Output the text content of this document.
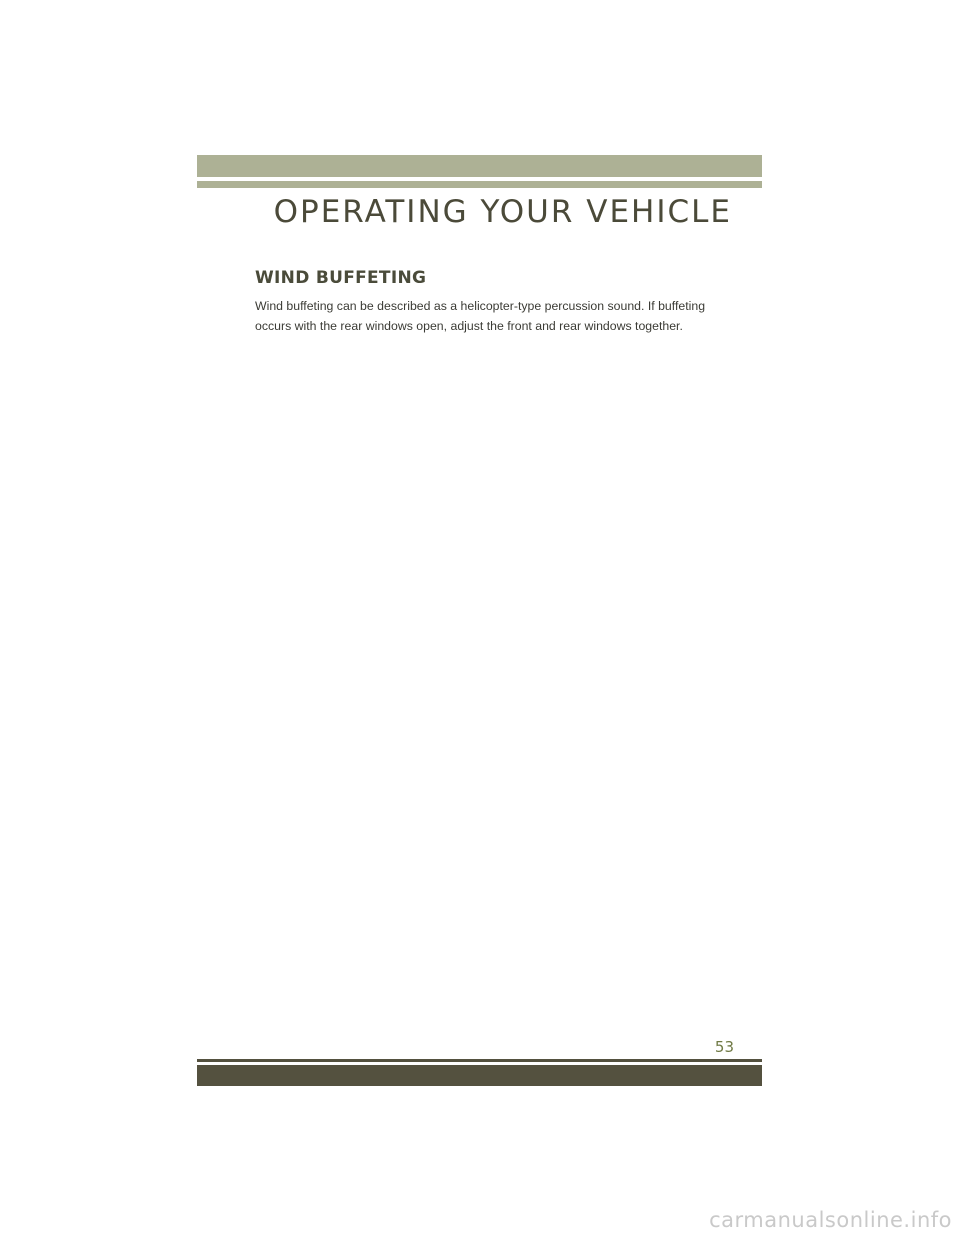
OPERATING YOUR VEHICLE
WIND BUFFETING

Wind buffeting can be described as a helicopter-type percussion sound. If buffeting
occurs with the rear windows open, adjust the front and rear windows together.

53
carmanualsonline.info
